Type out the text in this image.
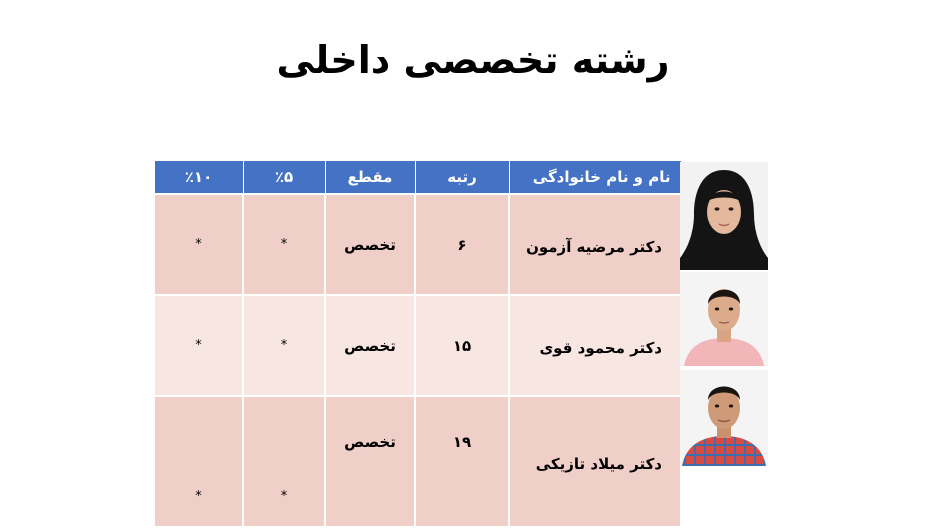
رشته تخصصی داخلی
نام و نام خانوادگی	رتبه	مقطع	٪۵	٪۱۰
دکتر مرضیه آزمون	۶	تخصص	*	*
دکتر محمود قوی	۱۵	تخصص	*	*
دکتر میلاد تازیکی	۱۹	تخصص	*	*
